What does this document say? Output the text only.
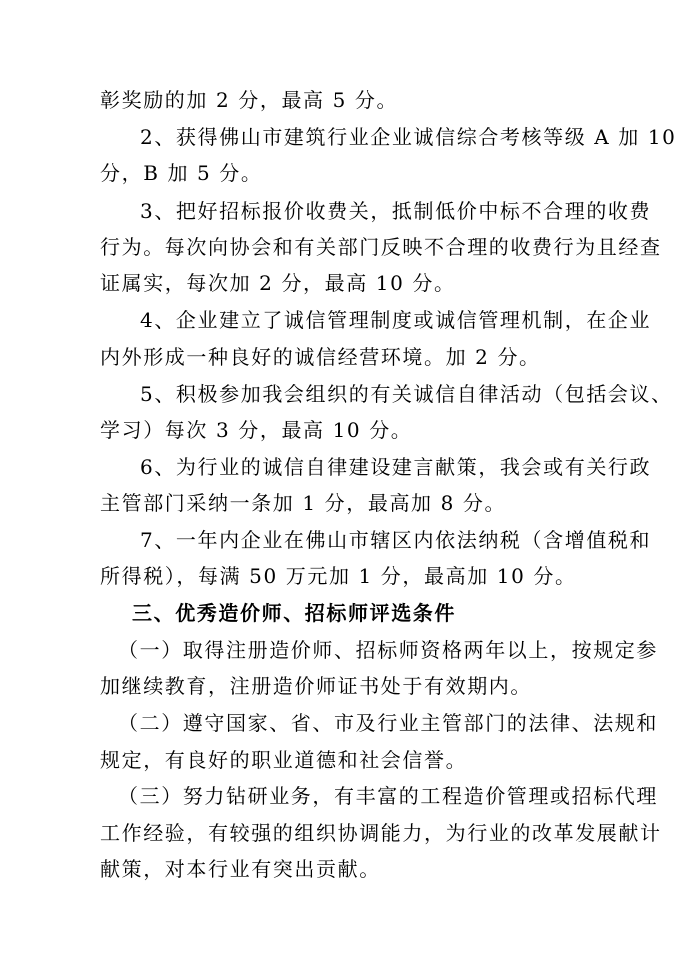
彰奖励的加 2 分，最高 5 分。
2、获得佛山市建筑行业企业诚信综合考核等级 A 加 10
分，B 加 5 分。
3、把好招标报价收费关，抵制低价中标不合理的收费
行为。每次向协会和有关部门反映不合理的收费行为且经查
证属实，每次加 2 分，最高 10 分。
4、企业建立了诚信管理制度或诚信管理机制，在企业
内外形成一种良好的诚信经营环境。加 2 分。
5、积极参加我会组织的有关诚信自律活动（包括会议、
学习）每次 3 分，最高 10 分。
6、为行业的诚信自律建设建言献策，我会或有关行政
主管部门采纳一条加 1 分，最高加 8 分。
7、一年内企业在佛山市辖区内依法纳税（含增值税和
所得税），每满 50 万元加 1 分，最高加 10 分。
三、优秀造价师、招标师评选条件
（一）取得注册造价师、招标师资格两年以上，按规定参
加继续教育，注册造价师证书处于有效期内。
（二）遵守国家、省、市及行业主管部门的法律、法规和
规定，有良好的职业道德和社会信誉。
（三）努力钻研业务，有丰富的工程造价管理或招标代理
工作经验，有较强的组织协调能力，为行业的改革发展献计
献策，对本行业有突出贡献。
